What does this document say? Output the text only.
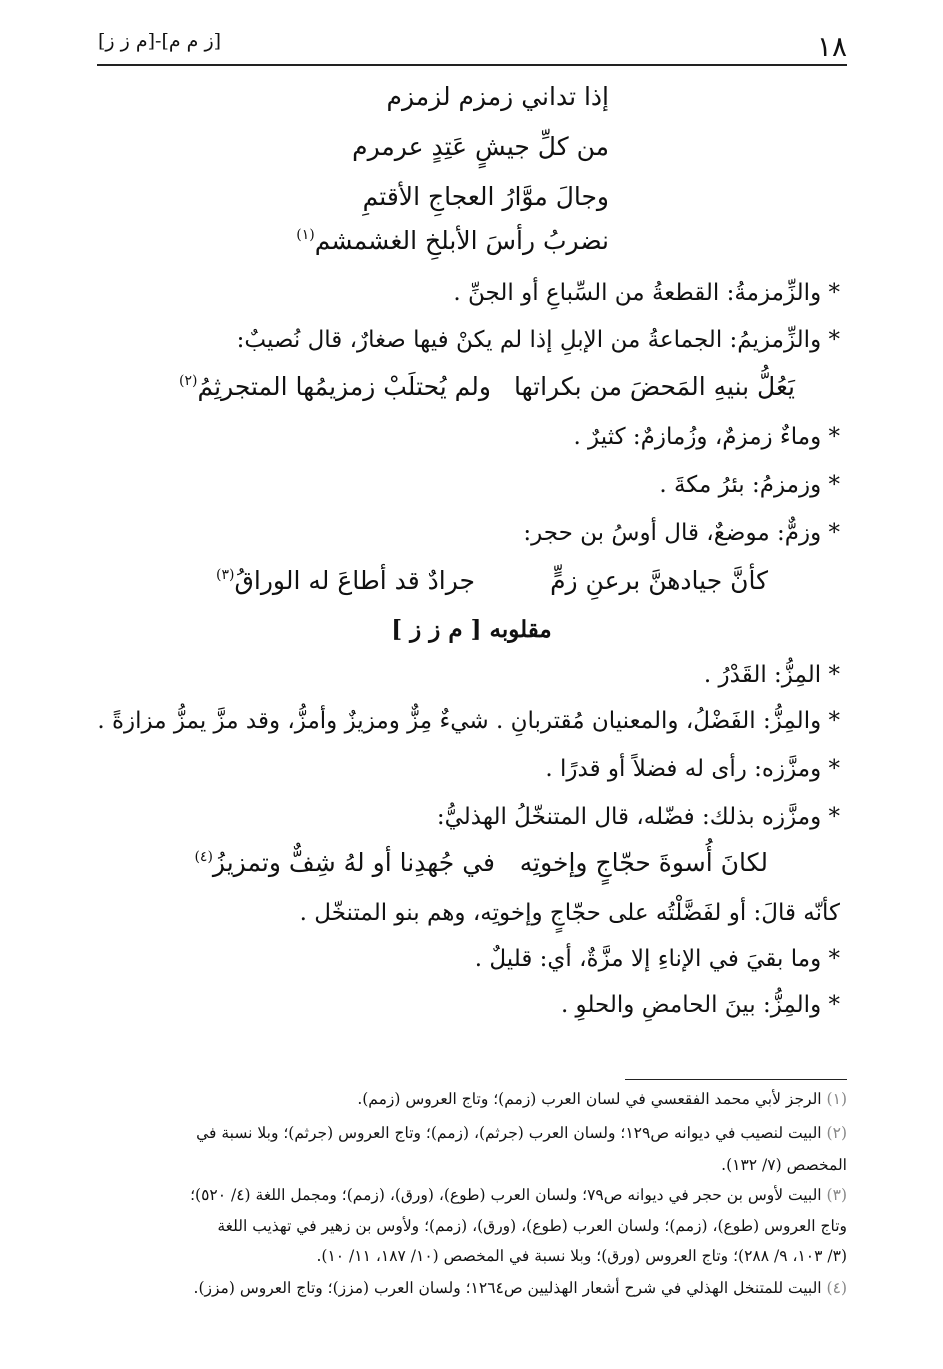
١٨
[ز م م]-[م ز ز]
إذا تداني زمزم لزمزم
من كلِّ جيشٍ عَتِدٍ عرمرم
وجالَ موَّارُ العجاجِ الأقتمِ
نضربُ رأسَ الأبلخِ الغشمشم$^{(١)}$
* والزِّمزمةُ: القطعةُ من السِّباعِ أو الجنِّ .
* والزِّمزيمُ: الجماعةُ من الإبلِ إذا لم يكنْ فيها صغارٌ، قال نُصيبٌ:
يَعُلُّ بنيهِ المَحضَ من بكراتها
ولم يُحتلَبْ زمزيمُها المتجرثِمُ$^{(٢)}$
* وماءٌ زمزمٌ، وزُمازمٌ: كثيرٌ .
* وزمزمُ: بئرُ مكةَ .
* وزمٌّ: موضعٌ، قال أوسُ بن حجر:
كأنَّ جيادهنَّ برعنِ زمٍّ
جرادٌ قد أطاعَ له الوراقُ$^{(٣)}$
مقلوبه [ م ز ز ]
* المِزُّ: القَدْرُ .
* والمِزُّ: الفَضْلُ، والمعنيان مُقتربانِ . شيءٌ مِزٌّ ومزيزٌ وأمزُّ، وقد مزَّ يمزُّ مزازةً .
* ومزَّزه: رأى له فضلاً أو قدرًا .
* ومزَّزه بذلك: فضّله، قال المتنخّلُ الهذليُّ:
لكانَ أُسوةَ حجّاجٍ وإخوتِه
في جُهدِنا أو لهُ شِفٌّ وتمزيزُ$^{(٤)}$
كأنّه قالَ: أو لفَضَّلْتُه على حجّاجٍ وإخوتِه، وهم بنو المتنخّل .
* وما بقيَ في الإناءِ إلا مزَّةٌ، أي: قليلٌ .
* والمِزُّ: بينَ الحامضِ والحلوِ .
(١) الرجز لأبي محمد الفقعسي في لسان العرب (زمم)؛ وتاج العروس (زمم).
(٢) البيت لنصيب في ديوانه ص١٢٩؛ ولسان العرب (جرثم)، (زمم)؛ وتاج العروس (جرثم)؛ وبلا نسبة في
المخصص (٧/ ١٣٢).
(٣) البيت لأوس بن حجر في ديوانه ص٧٩؛ ولسان العرب (طوع)، (ورق)، (زمم)؛ ومجمل اللغة (٤/ ٥٢٠)؛
وتاج العروس (طوع)، (زمم)؛ ولسان العرب (طوع)، (ورق)، (زمم)؛ ولأوس بن زهير في تهذيب اللغة
(٣/ ١٠٣، ٩/ ٢٨٨)؛ وتاج العروس (ورق)؛ وبلا نسبة في المخصص (١٠/ ١٨٧، ١١/ ١٠).
(٤) البيت للمتنخل الهذلي في شرح أشعار الهذليين ص١٢٦٤؛ ولسان العرب (مزز)؛ وتاج العروس (مزز).
